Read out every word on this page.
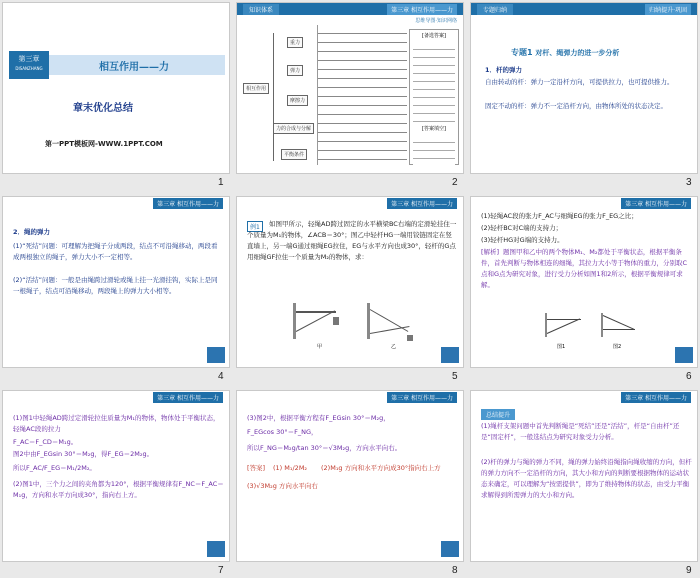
第三章
DISANZHANG	相互作用——力
章末优化总结
第一PPT模板网-WWW.1PPT.COM
1
知识体系	第三章 相互作用——力
思维导图·知识网络
相互作用
重力
弹力
摩擦力
力的合成与分解
平衡条件
[备选答案]
[答案填空]
2
专题归纳	归纳提升·巩固
专题1 对杆、绳弹力的进一步分析
1．杆的弹力
自由转动的杆：弹力一定沿杆方向，可提供拉力，也可提供推力。
固定不动的杆：弹力不一定沿杆方向，由物体所处的状态决定。
3
第三章 相互作用——力
2．绳的弹力
(1)“死结”问题：可理解为把绳子分成两段，结点不可沿绳移动，两段看成两根独立的绳子，弹力大小不一定相等。
(2)“活结”问题：一般是由绳跨过滑轮或绳上挂一光滑挂钩，实际上是同一根绳子，结点可沿绳移动，两段绳上的弹力大小相等。
4
第三章 相互作用——力
例1	如图甲所示，轻绳AD跨过固定的水平横梁BC右端的定滑轮挂住一个质量为M₁的物体，∠ACB＝30°；图乙中轻杆HG一端用铰链固定在竖直墙上，另一端G通过细绳EG拉住，EG与水平方向也成30°，轻杆的G点用细绳GF拉住一个质量为M₂的物体，求：
甲	乙
5
第三章 相互作用——力
(1)轻绳AC段的张力F_AC与细绳EG的张力F_EG之比；
(2)轻杆BC对C端的支持力；
(3)轻杆HG对G端的支持力。
[解析] 题图甲和乙中的两个物体M₁、M₂都处于平衡状态，根据平衡条件，首先判断与物体相连的细绳，其拉力大小等于物体的重力，分别取C点和G点为研究对象，进行受力分析如图1和2所示，根据平衡规律可求解。
图1	图2
6
第三章 相互作用——力
(1)图1中轻绳AD跨过定滑轮拉住质量为M₁的物体，物体处于平衡状态，轻绳AC段的拉力
F_AC＝F_CD＝M₁g。
图2中由F_EGsin 30°＝M₂g，得F_EG＝2M₂g。
所以F_AC/F_EG＝M₁/2M₂。
(2)图1中，三个力之间的夹角都为120°，根据平衡规律有F_NC＝F_AC＝M₁g，方向和水平方向成30°，指向右上方。
7
第三章 相互作用——力
(3)图2中，根据平衡方程有F_EGsin 30°＝M₂g，
F_EGcos 30°＝F_NG，
所以F_NG＝M₂g/tan 30°＝√3M₂g，方向水平向右。
[答案] (1) M₁/2M₂ (2)M₁g 方向和水平方向成30°指向右上方
(3)√3M₂g 方向水平向右
8
第三章 相互作用——力
总结提升
(1)绳杆支架问题中首先判断绳是“死结”还是“活结”，杆是“自由杆”还是“固定杆”，一般选结点为研究对象受力分析。
(2)杆的弹力与绳的弹力不同，绳的弹力始终沿绳指向绳收缩的方向，但杆的弹力方向不一定沿杆的方向，其大小和方向的判断要根据物体的运动状态来确定，可以理解为“按需提供”，即为了维持物体的状态，由受力平衡求解得到所需弹力的大小和方向。
9
